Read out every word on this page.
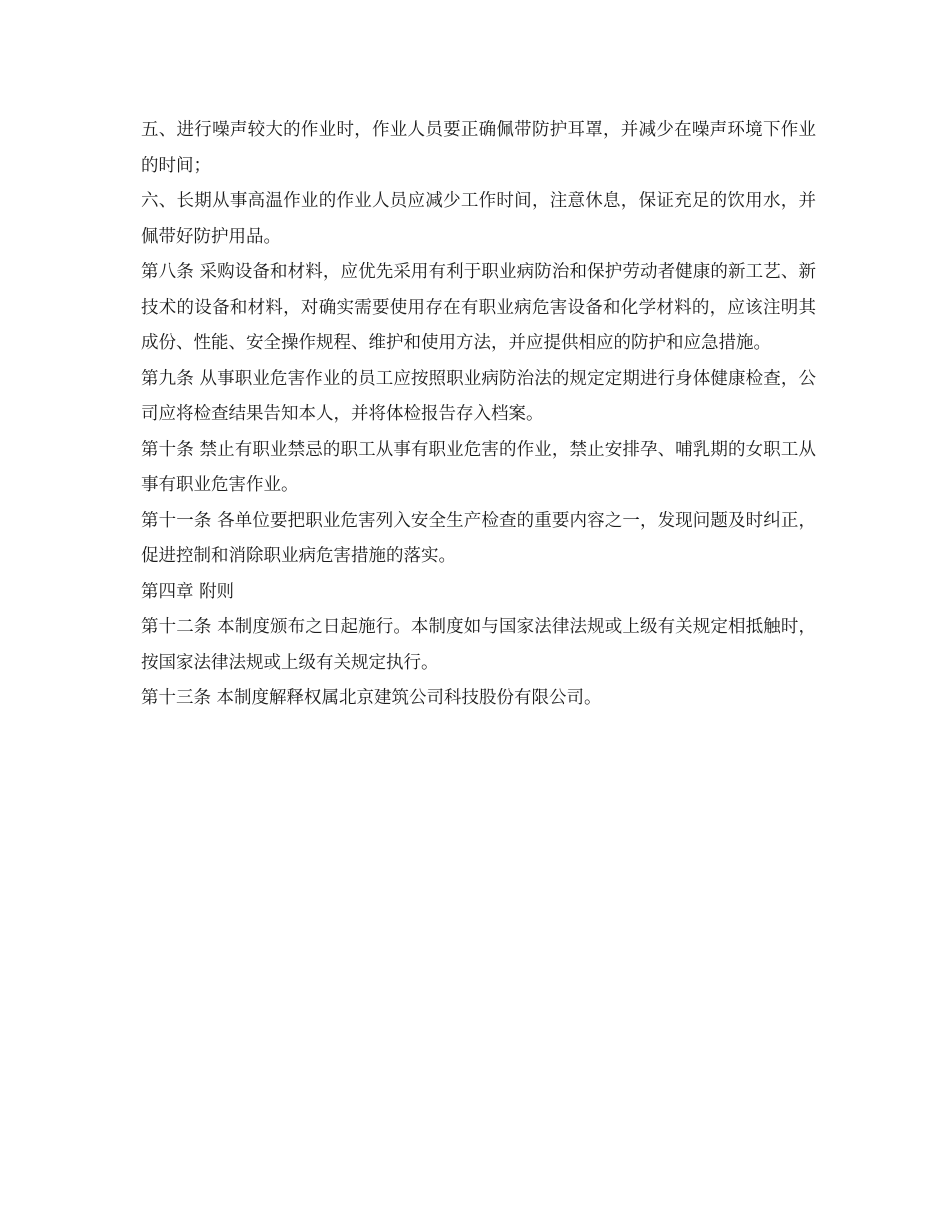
五、进行噪声较大的作业时，作业人员要正确佩带防护耳罩，并减少在噪声环境下作业的时间；

六、长期从事高温作业的作业人员应减少工作时间，注意休息，保证充足的饮用水，并佩带好防护用品。

第八条 采购设备和材料，应优先采用有利于职业病防治和保护劳动者健康的新工艺、新技术的设备和材料，对确实需要使用存在有职业病危害设备和化学材料的，应该注明其成份、性能、安全操作规程、维护和使用方法，并应提供相应的防护和应急措施。

第九条 从事职业危害作业的员工应按照职业病防治法的规定定期进行身体健康检查，公司应将检查结果告知本人，并将体检报告存入档案。

第十条 禁止有职业禁忌的职工从事有职业危害的作业，禁止安排孕、哺乳期的女职工从事有职业危害作业。

第十一条 各单位要把职业危害列入安全生产检查的重要内容之一，发现问题及时纠正，促进控制和消除职业病危害措施的落实。

第四章 附则

第十二条 本制度颁布之日起施行。本制度如与国家法律法规或上级有关规定相抵触时，按国家法律法规或上级有关规定执行。

第十三条 本制度解释权属北京建筑公司科技股份有限公司。
